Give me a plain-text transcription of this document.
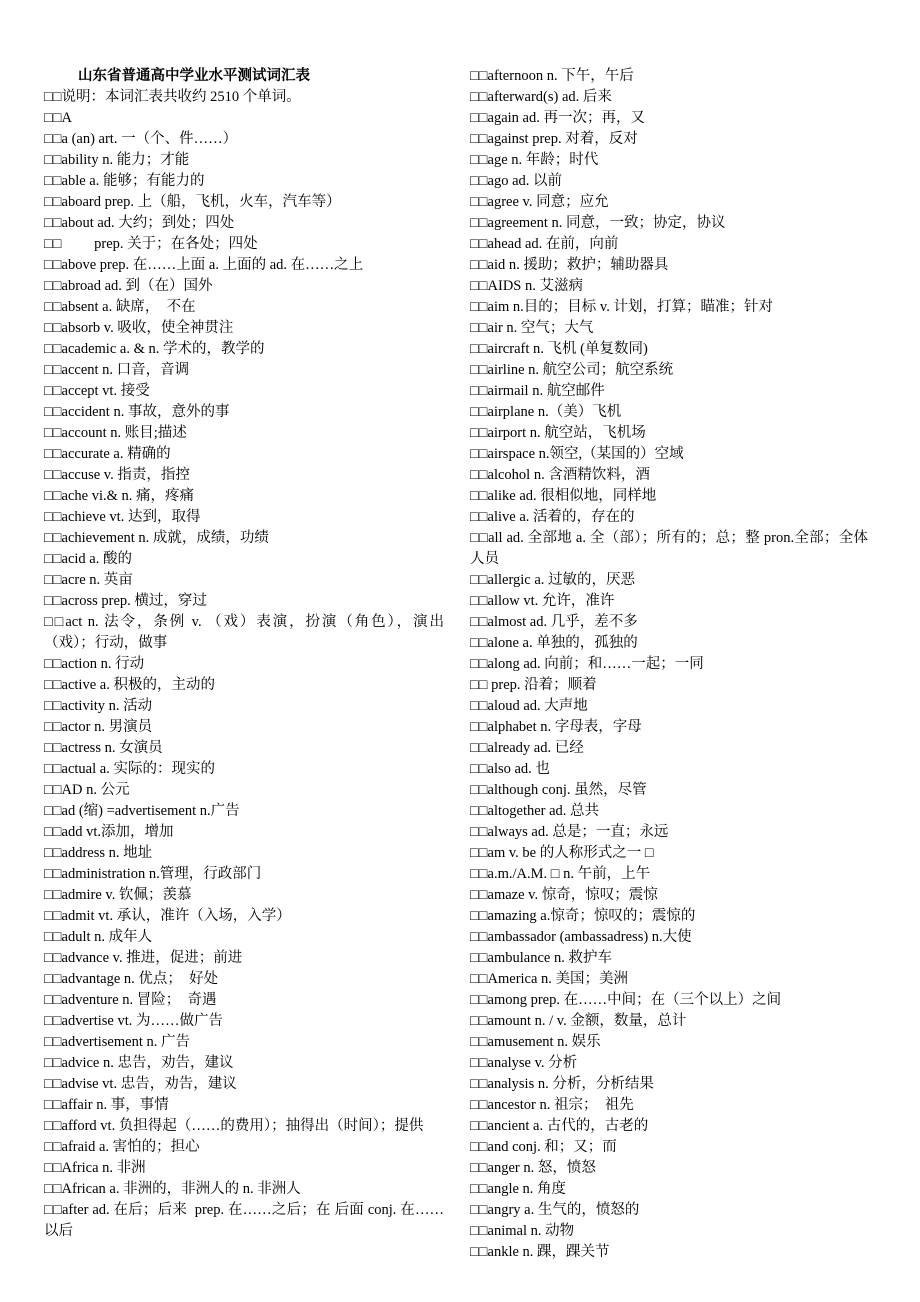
山东省普通高中学业水平测试词汇表
□□说明：本词汇表共收约 2510 个单词。
□□A
□□a (an) art. 一（个、件……）
□□ability n. 能力；才能
□□able a. 能够；有能力的
□□aboard prep. 上（船，飞机，火车，汽车等）
□□about ad. 大约；到处；四处
□□         prep. 关于；在各处；四处
□□above prep. 在……上面 a. 上面的 ad. 在……之上
□□abroad ad. 到（在）国外
□□absent a. 缺席，  不在
□□absorb v. 吸收，使全神贯注
□□academic a. & n. 学术的，教学的
□□accent n. 口音，音调
□□accept vt. 接受
□□accident n. 事故，意外的事
□□account n. 账目;描述
□□accurate a. 精确的
□□accuse v. 指责，指控
□□ache vi.& n. 痛，疼痛
□□achieve vt. 达到，取得
□□achievement n. 成就，成绩，功绩
□□acid a. 酸的
□□acre n. 英亩
□□across prep. 横过，穿过
□□act n. 法令，条例 v. （戏）表演，扮演（角色），演出（戏）；行动，做事
□□action n. 行动
□□active a. 积极的，主动的
□□activity n. 活动
□□actor n. 男演员
□□actress n. 女演员
□□actual a. 实际的：现实的
□□AD n. 公元
□□ad (缩) =advertisement n.广告
□□add vt.添加，增加
□□address n. 地址
□□administration n.管理，行政部门
□□admire v. 钦佩；羡慕
□□admit vt. 承认，准许（入场，入学）
□□adult n. 成年人
□□advance v. 推进，促进；前进
□□advantage n. 优点；  好处
□□adventure n. 冒险；  奇遇
□□advertise vt. 为……做广告
□□advertisement n. 广告
□□advice n. 忠告，劝告，建议
□□advise vt. 忠告，劝告，建议
□□affair n. 事，事情
□□afford vt. 负担得起（……的费用）；抽得出（时间）；提供
□□afraid a. 害怕的；担心
□□Africa n. 非洲
□□African a. 非洲的，非洲人的 n. 非洲人
□□after ad. 在后；后来  prep. 在……之后；在 后面 conj. 在……以后
□□afternoon n. 下午，午后
□□afterward(s) ad. 后来
□□again ad. 再一次；再，又
□□against prep. 对着，反对
□□age n. 年龄；时代
□□ago ad. 以前
□□agree v. 同意；应允
□□agreement n. 同意，一致；协定，协议
□□ahead ad. 在前，向前
□□aid n. 援助；救护；辅助器具
□□AIDS n. 艾滋病
□□aim n.目的；目标 v. 计划，打算；瞄准；针对
□□air n. 空气；大气
□□aircraft n. 飞机 (单复数同)
□□airline n. 航空公司；航空系统
□□airmail n. 航空邮件
□□airplane n.（美）飞机
□□airport n. 航空站，飞机场
□□airspace n.领空,（某国的）空域
□□alcohol n. 含酒精饮料，酒
□□alike ad. 很相似地，同样地
□□alive a. 活着的，存在的
□□all ad. 全部地 a. 全（部）；所有的；总；整 pron.全部；全体人员
□□allergic a. 过敏的，厌恶
□□allow vt. 允许，准许
□□almost ad. 几乎，差不多
□□alone a. 单独的，孤独的
□□along ad. 向前；和……一起；一同
□□ prep. 沿着；顺着
□□aloud ad. 大声地
□□alphabet n. 字母表，字母
□□already ad. 已经
□□also ad. 也
□□although conj. 虽然，尽管
□□altogether ad. 总共
□□always ad. 总是；一直；永远
□□am v. be 的人称形式之一 □
□□a.m./A.M. □ n. 午前，上午
□□amaze v. 惊奇，惊叹；震惊
□□amazing a.惊奇；惊叹的；震惊的
□□ambassador (ambassadress) n.大使
□□ambulance n. 救护车
□□America n. 美国；美洲
□□among prep. 在……中间；在（三个以上）之间
□□amount n. / v. 金额，数量，总计
□□amusement n. 娱乐
□□analyse v. 分析
□□analysis n. 分析，分析结果
□□ancestor n. 祖宗；  祖先
□□ancient a. 古代的，古老的
□□and conj. 和；又；而
□□anger n. 怒，愤怒
□□angle n. 角度
□□angry a. 生气的，愤怒的
□□animal n. 动物
□□ankle n. 踝，踝关节
